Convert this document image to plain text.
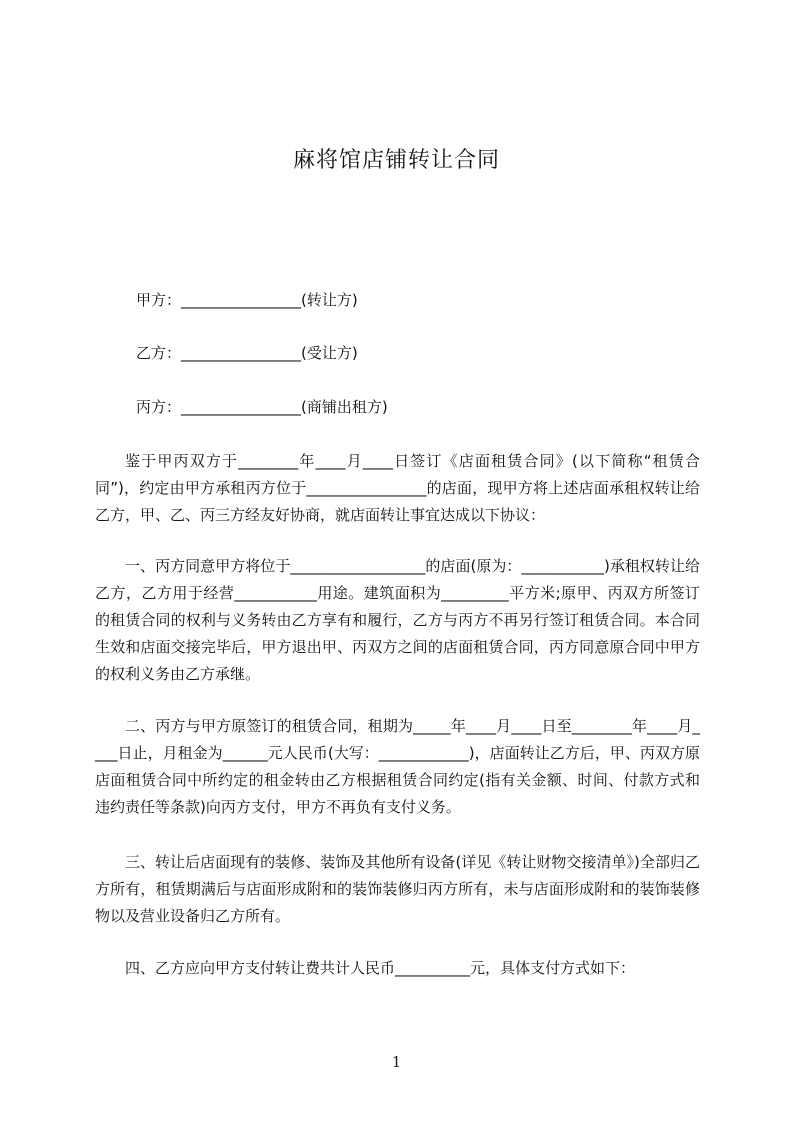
麻将馆店铺转让合同
甲方：________________(转让方)
乙方：________________(受让方)
丙方：________________(商铺出租方)
鉴于甲丙双方于________年____月____日签订《店面租赁合同》(以下简称“租赁合同”)，约定由甲方承租丙方位于________________的店面，现甲方将上述店面承租权转让给乙方，甲、乙、丙三方经友好协商，就店面转让事宜达成以下协议：
一、丙方同意甲方将位于__________________的店面(原为：___________)承租权转让给乙方，乙方用于经营___________用途。建筑面积为_________平方米;原甲、丙双方所签订的租赁合同的权利与义务转由乙方享有和履行，乙方与丙方不再另行签订租赁合同。本合同生效和店面交接完毕后，甲方退出甲、丙双方之间的店面租赁合同，丙方同意原合同中甲方的权利义务由乙方承继。
二、丙方与甲方原签订的租赁合同，租期为_____年____月____日至________年____月____日止，月租金为______元人民币(大写：____________)，店面转让乙方后，甲、丙双方原店面租赁合同中所约定的租金转由乙方根据租赁合同约定(指有关金额、时间、付款方式和违约责任等条款)向丙方支付，甲方不再负有支付义务。
三、转让后店面现有的装修、装饰及其他所有设备(详见《转让财物交接清单》)全部归乙方所有，租赁期满后与店面形成附和的装饰装修归丙方所有，未与店面形成附和的装饰装修物以及营业设备归乙方所有。
四、乙方应向甲方支付转让费共计人民币__________元，具体支付方式如下：
1
